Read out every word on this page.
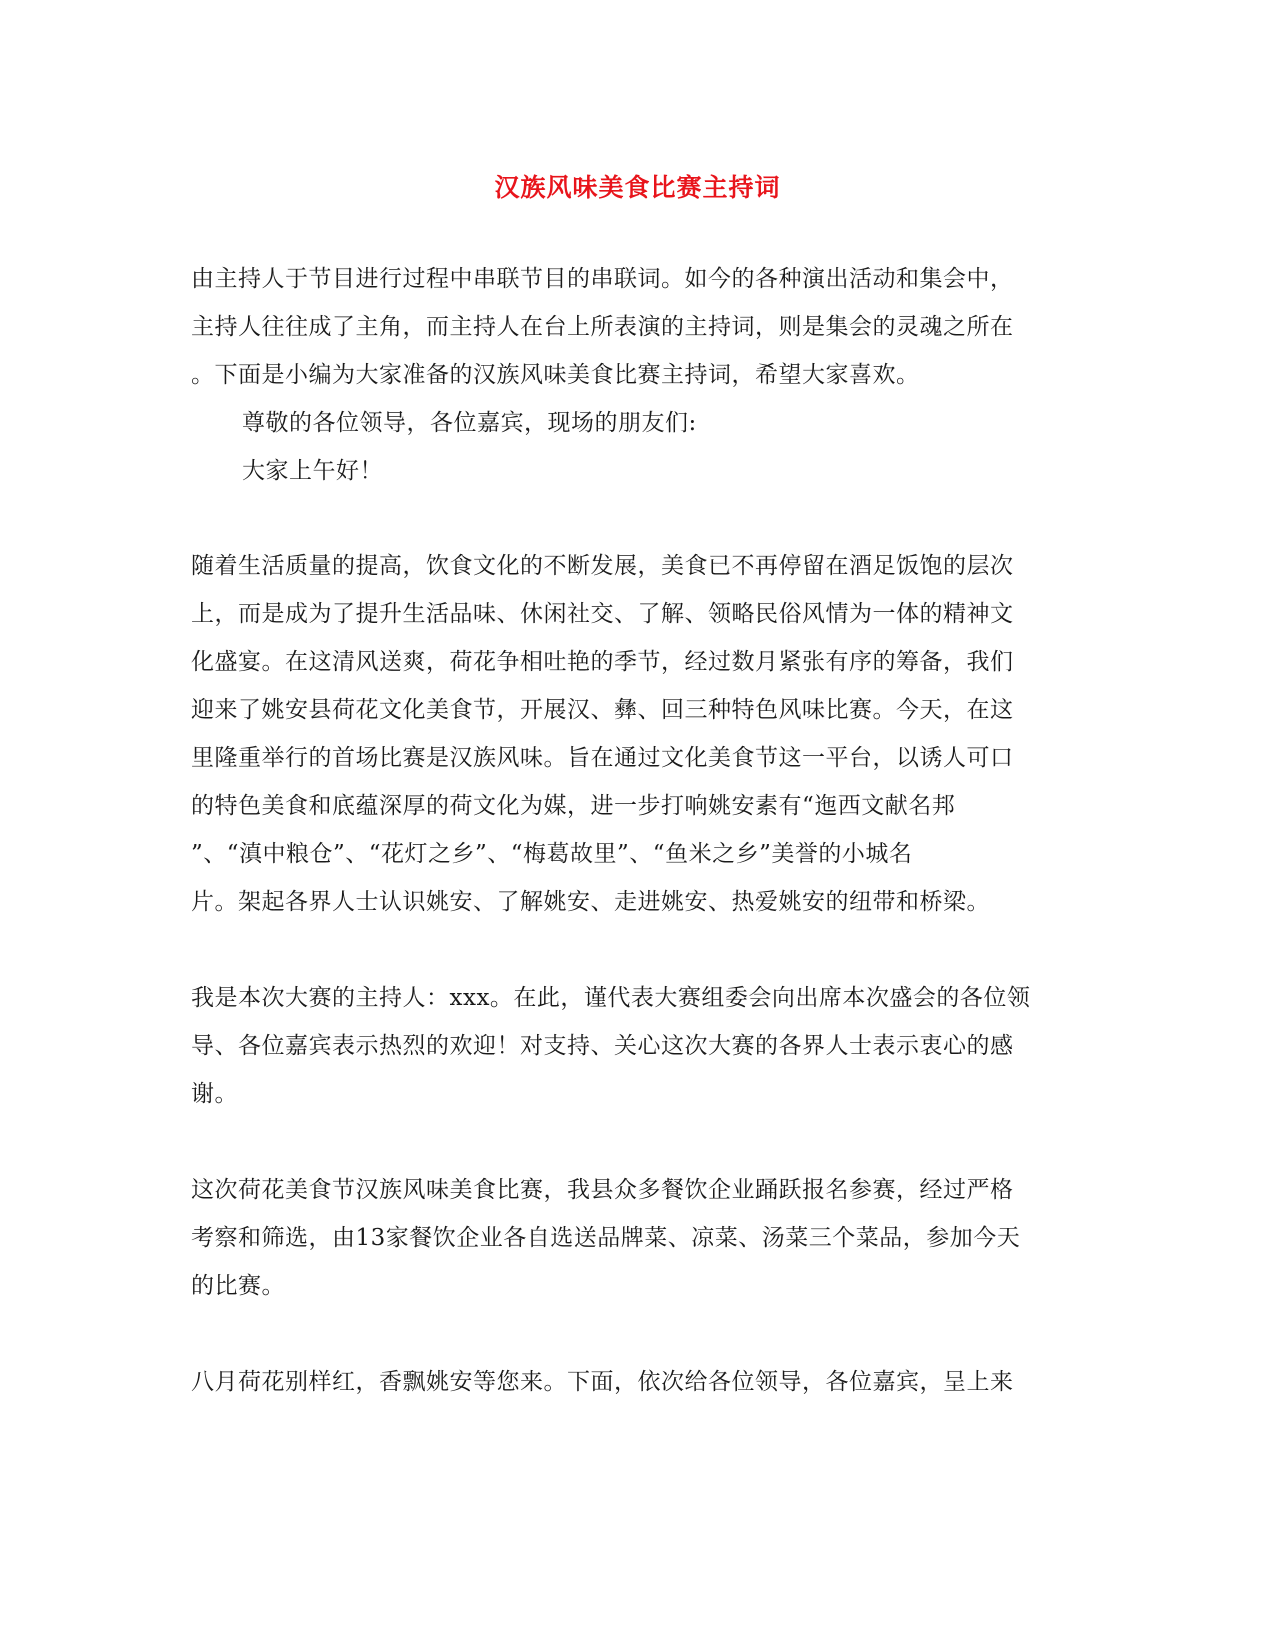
汉族风味美食比赛主持词
由主持人于节目进行过程中串联节目的串联词。如今的各种演出活动和集会中，
主持人往往成了主角，而主持人在台上所表演的主持词，则是集会的灵魂之所在
。下面是小编为大家准备的汉族风味美食比赛主持词，希望大家喜欢。
尊敬的各位领导，各位嘉宾，现场的朋友们:
大家上午好！
随着生活质量的提高，饮食文化的不断发展，美食已不再停留在酒足饭饱的层次
上，而是成为了提升生活品味、休闲社交、了解、领略民俗风情为一体的精神文
化盛宴。在这清风送爽，荷花争相吐艳的季节，经过数月紧张有序的筹备，我们
迎来了姚安县荷花文化美食节，开展汉、彝、回三种特色风味比赛。今天，在这
里隆重举行的首场比赛是汉族风味。旨在通过文化美食节这一平台，以诱人可口
的特色美食和底蕴深厚的荷文化为媒，进一步打响姚安素有“迤西文献名邦
”、“滇中粮仓”、“花灯之乡”、“梅葛故里”、“鱼米之乡”美誉的小城名
片。架起各界人士认识姚安、了解姚安、走进姚安、热爱姚安的纽带和桥梁。
我是本次大赛的主持人：xxx。在此，谨代表大赛组委会向出席本次盛会的各位领
导、各位嘉宾表示热烈的欢迎！对支持、关心这次大赛的各界人士表示衷心的感
谢。
这次荷花美食节汉族风味美食比赛，我县众多餐饮企业踊跃报名参赛，经过严格
考察和筛选，由13家餐饮企业各自选送品牌菜、凉菜、汤菜三个菜品，参加今天
的比赛。
八月荷花别样红，香飘姚安等您来。下面，依次给各位领导，各位嘉宾，呈上来
